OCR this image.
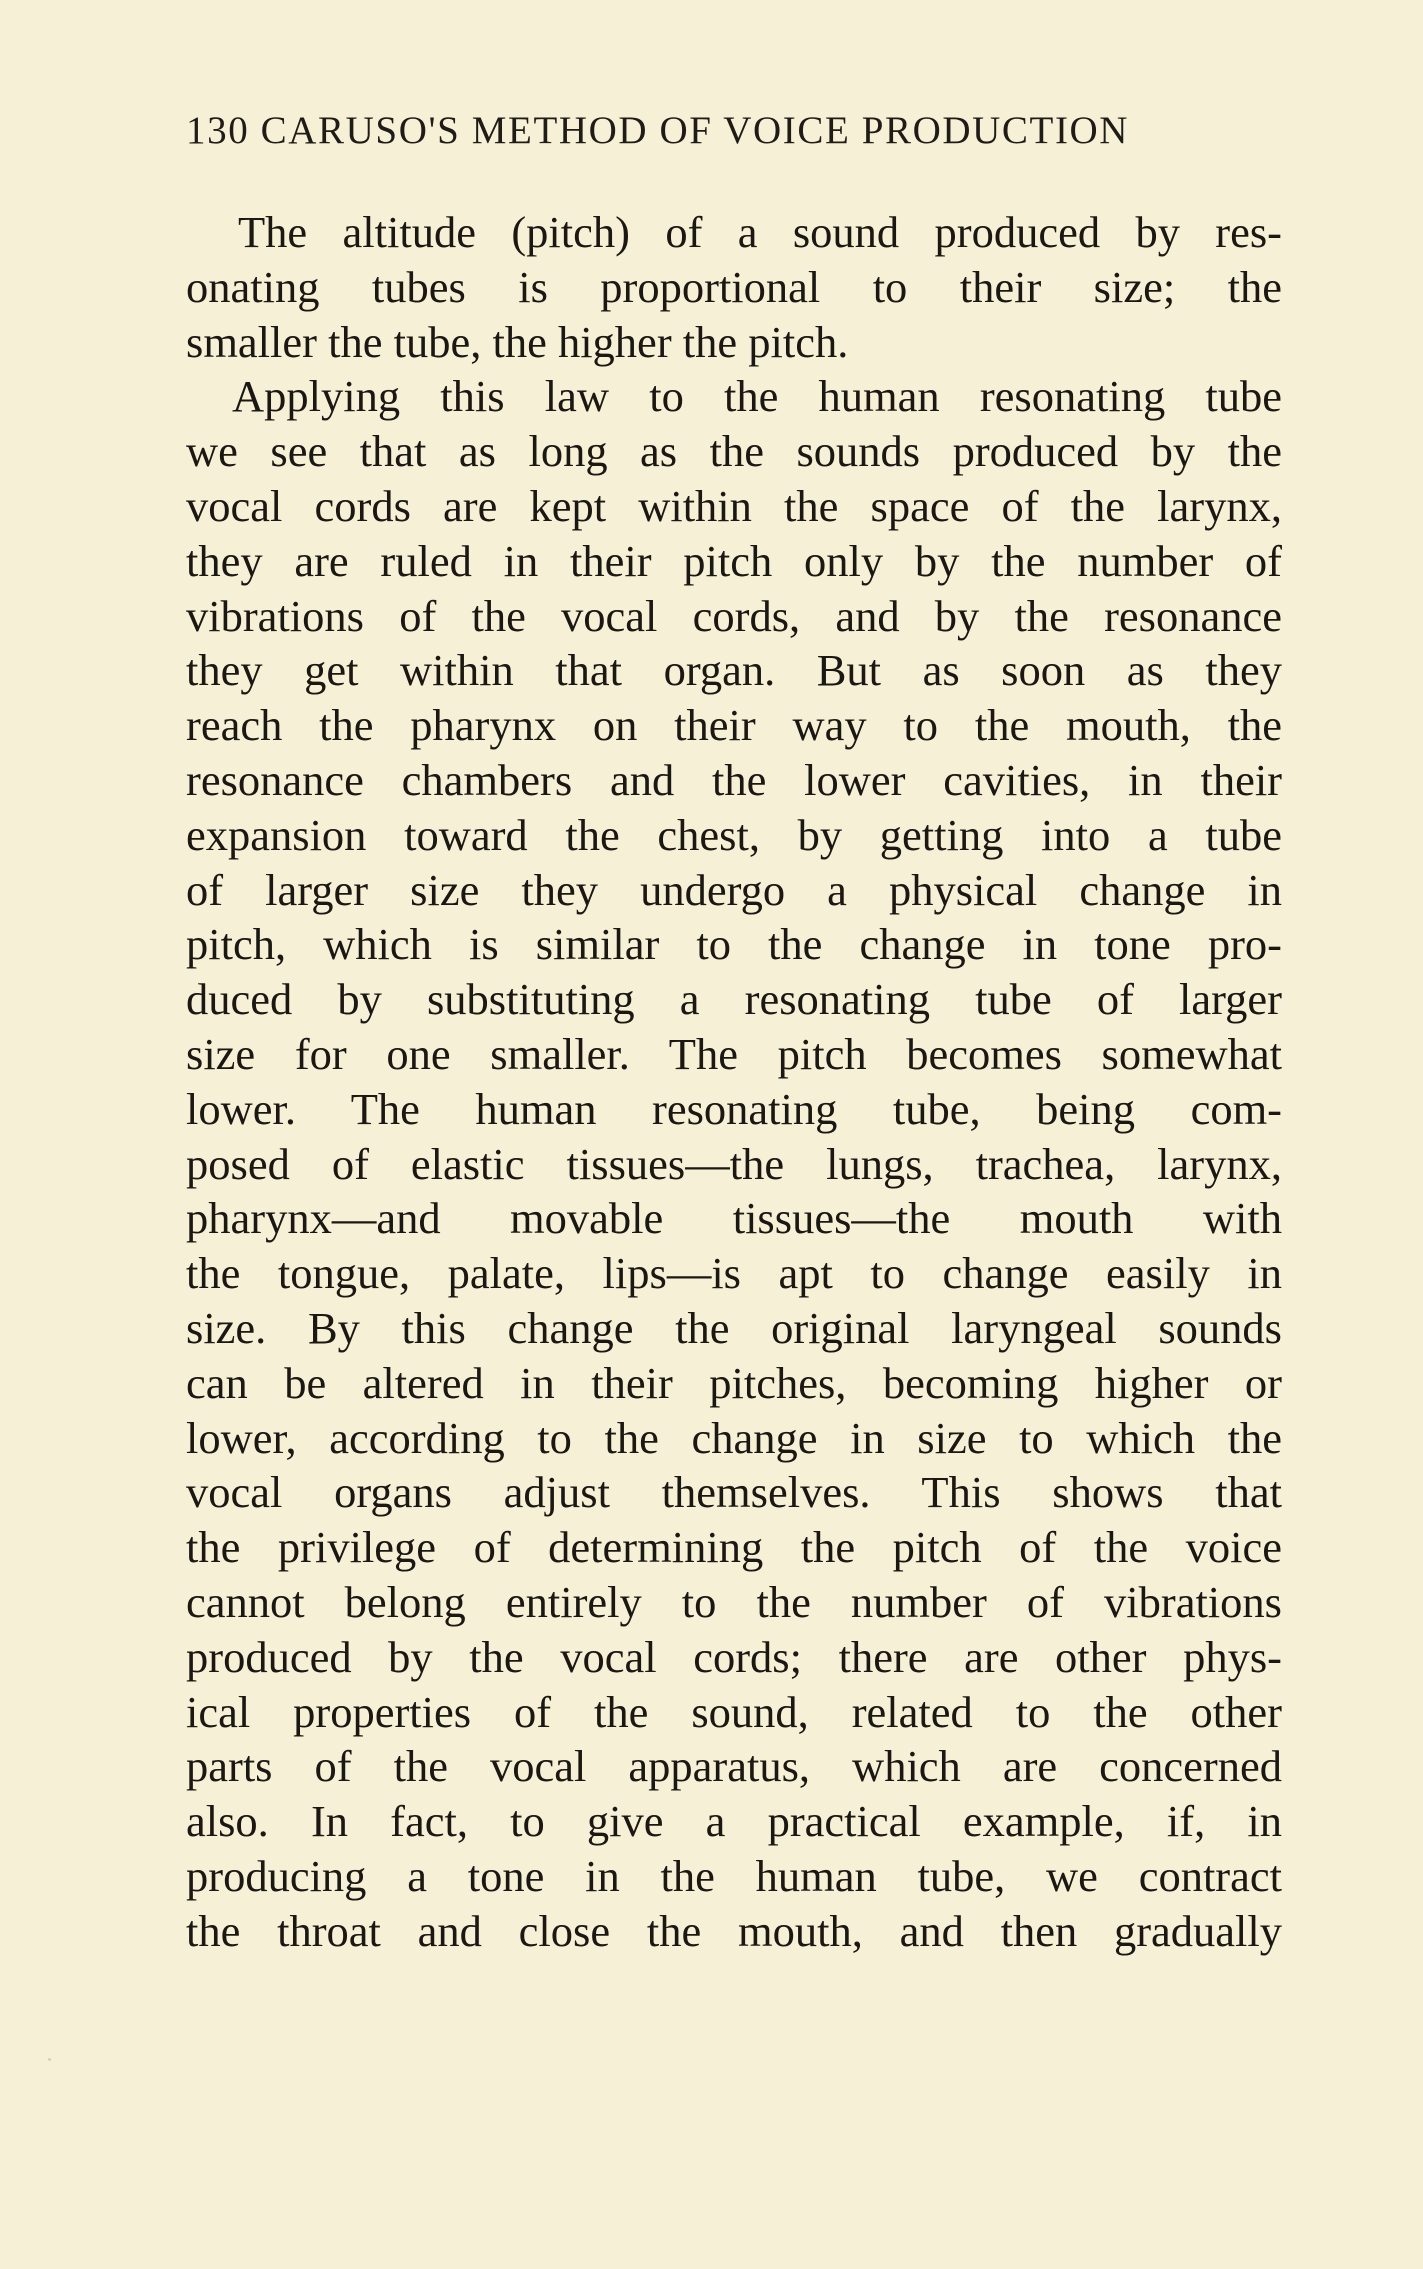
130 CARUSO'S METHOD OF VOICE PRODUCTION
The altitude (pitch) of a sound produced by res-
onating tubes is proportional to their size; the
smaller the tube, the higher the pitch.
Applying this law to the human resonating tube
we see that as long as the sounds produced by the
vocal cords are kept within the space of the larynx,
they are ruled in their pitch only by the number of
vibrations of the vocal cords, and by the resonance
they get within that organ. But as soon as they
reach the pharynx on their way to the mouth, the
resonance chambers and the lower cavities, in their
expansion toward the chest, by getting into a tube
of larger size they undergo a physical change in
pitch, which is similar to the change in tone pro-
duced by substituting a resonating tube of larger
size for one smaller. The pitch becomes somewhat
lower. The human resonating tube, being com-
posed of elastic tissues—the lungs, trachea, larynx,
pharynx—and movable tissues—the mouth with
the tongue, palate, lips—is apt to change easily in
size. By this change the original laryngeal sounds
can be altered in their pitches, becoming higher or
lower, according to the change in size to which the
vocal organs adjust themselves. This shows that
the privilege of determining the pitch of the voice
cannot belong entirely to the number of vibrations
produced by the vocal cords; there are other phys-
ical properties of the sound, related to the other
parts of the vocal apparatus, which are concerned
also. In fact, to give a practical example, if, in
producing a tone in the human tube, we contract
the throat and close the mouth, and then gradually
